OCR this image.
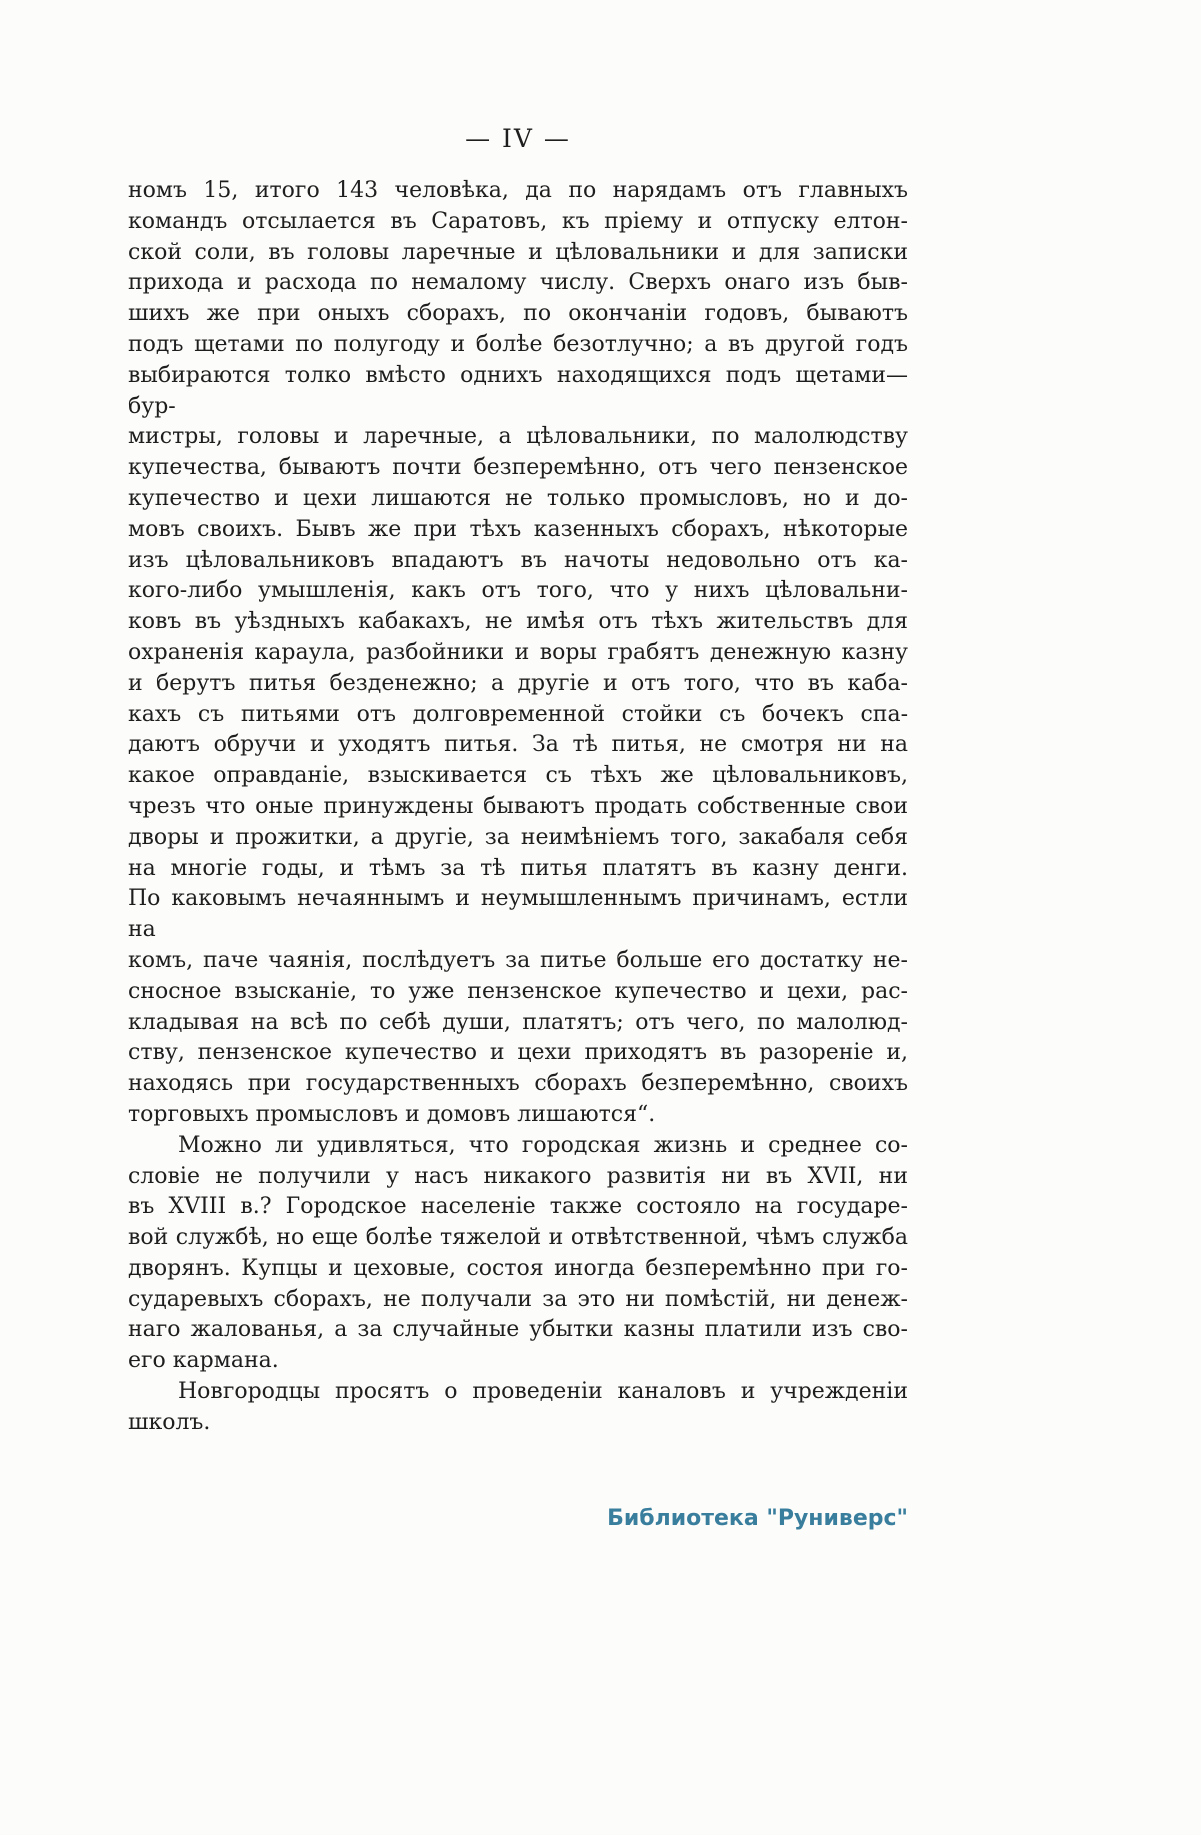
— IV —

номъ 15, итого 143 человѣка, да по нарядамъ отъ главныхъ
командъ отсылается въ Саратовъ, къ пріему и отпуску елтон-
ской соли, въ головы ларечные и цѣловальники и для записки
прихода и расхода по немалому числу. Сверхъ онаго изъ быв-
шихъ же при оныхъ сборахъ, по окончаніи годовъ, бываютъ
подъ щетами по полугоду и болѣе безотлучно; а въ другой годъ
выбираются толко вмѣсто однихъ находящихся подъ щетами—бур-
мистры, головы и ларечные, а цѣловальники, по малолюдству
купечества, бываютъ почти безперемѣнно, отъ чего пензенское
купечество и цехи лишаются не только промысловъ, но и до-
мовъ своихъ. Бывъ же при тѣхъ казенныхъ сборахъ, нѣкоторые
изъ цѣловальниковъ впадаютъ въ начоты недовольно отъ ка-
кого-либо умышленія, какъ отъ того, что у нихъ цѣловальни-
ковъ въ уѣздныхъ кабакахъ, не имѣя отъ тѣхъ жительствъ для
охраненія караула, разбойники и воры грабятъ денежную казну
и берутъ питья безденежно; а другіе и отъ того, что въ каба-
кахъ съ питьями отъ долговременной стойки съ бочекъ спа-
даютъ обручи и уходятъ питья. За тѣ питья, не смотря ни на
какое оправданіе, взыскивается съ тѣхъ же цѣловальниковъ,
чрезъ что оные принуждены бываютъ продать собственные свои
дворы и прожитки, а другіе, за неимѣніемъ того, закабаля себя
на многіе годы, и тѣмъ за тѣ питья платятъ въ казну денги.
По каковымъ нечаяннымъ и неумышленнымъ причинамъ, естли на
комъ, паче чаянія, послѣдуетъ за питье больше его достатку не-
сносное взысканіе, то уже пензенское купечество и цехи, рас-
кладывая на всѣ по себѣ души, платятъ; отъ чего, по малолюд-
ству, пензенское купечество и цехи приходятъ въ разореніе и,
находясь при государственныхъ сборахъ безперемѣнно, своихъ
торговыхъ промысловъ и домовъ лишаются“.

Можно ли удивляться, что городская жизнь и среднее со-
словіе не получили у насъ никакого развитія ни въ XVII, ни
въ XVIII в.? Городское населеніе также состояло на государе-
вой службѣ, но еще болѣе тяжелой и отвѣтственной, чѣмъ служба
дворянъ. Купцы и цеховые, состоя иногда безперемѣнно при го-
сударевыхъ сборахъ, не получали за это ни помѣстій, ни денеж-
наго жалованья, а за случайные убытки казны платили изъ сво-
его кармана.

Новгородцы просятъ о проведеніи каналовъ и учрежденіи
школъ.

Библиотека "Руниверс"
